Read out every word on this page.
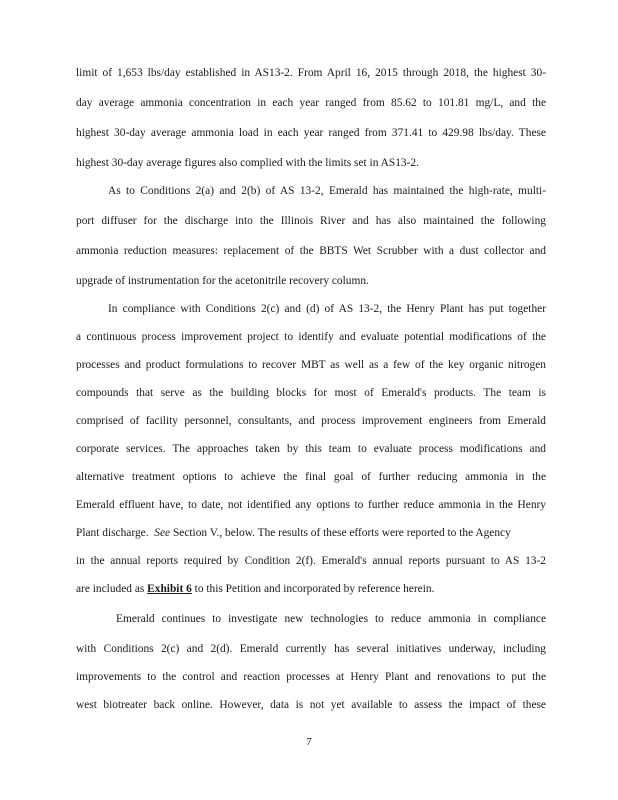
limit of 1,653 lbs/day established in AS13-2. From April 16, 2015 through 2018, the highest 30-
day average ammonia concentration in each year ranged from 85.62 to 101.81 mg/L, and the
highest 30-day average ammonia load in each year ranged from 371.41 to 429.98 lbs/day. These
highest 30-day average figures also complied with the limits set in AS13-2.
As to Conditions 2(a) and 2(b) of AS 13-2, Emerald has maintained the high-rate, multi-
port diffuser for the discharge into the Illinois River and has also maintained the following
ammonia reduction measures: replacement of the BBTS Wet Scrubber with a dust collector and
upgrade of instrumentation for the acetonitrile recovery column.
In compliance with Conditions 2(c) and (d) of AS 13-2, the Henry Plant has put together
a continuous process improvement project to identify and evaluate potential modifications of the
processes and product formulations to recover MBT as well as a few of the key organic nitrogen
compounds that serve as the building blocks for most of Emerald's products. The team is
comprised of facility personnel, consultants, and process improvement engineers from Emerald
corporate services. The approaches taken by this team to evaluate process modifications and
alternative treatment options to achieve the final goal of further reducing ammonia in the
Emerald effluent have, to date, not identified any options to further reduce ammonia in the Henry
Plant discharge. See Section V., below. The results of these efforts were reported to the Agency
in the annual reports required by Condition 2(f). Emerald's annual reports pursuant to AS 13-2
are included as Exhibit 6 to this Petition and incorporated by reference herein.
Emerald continues to investigate new technologies to reduce ammonia in compliance
with Conditions 2(c) and 2(d). Emerald currently has several initiatives underway, including
improvements to the control and reaction processes at Henry Plant and renovations to put the
west biotreater back online. However, data is not yet available to assess the impact of these
7
